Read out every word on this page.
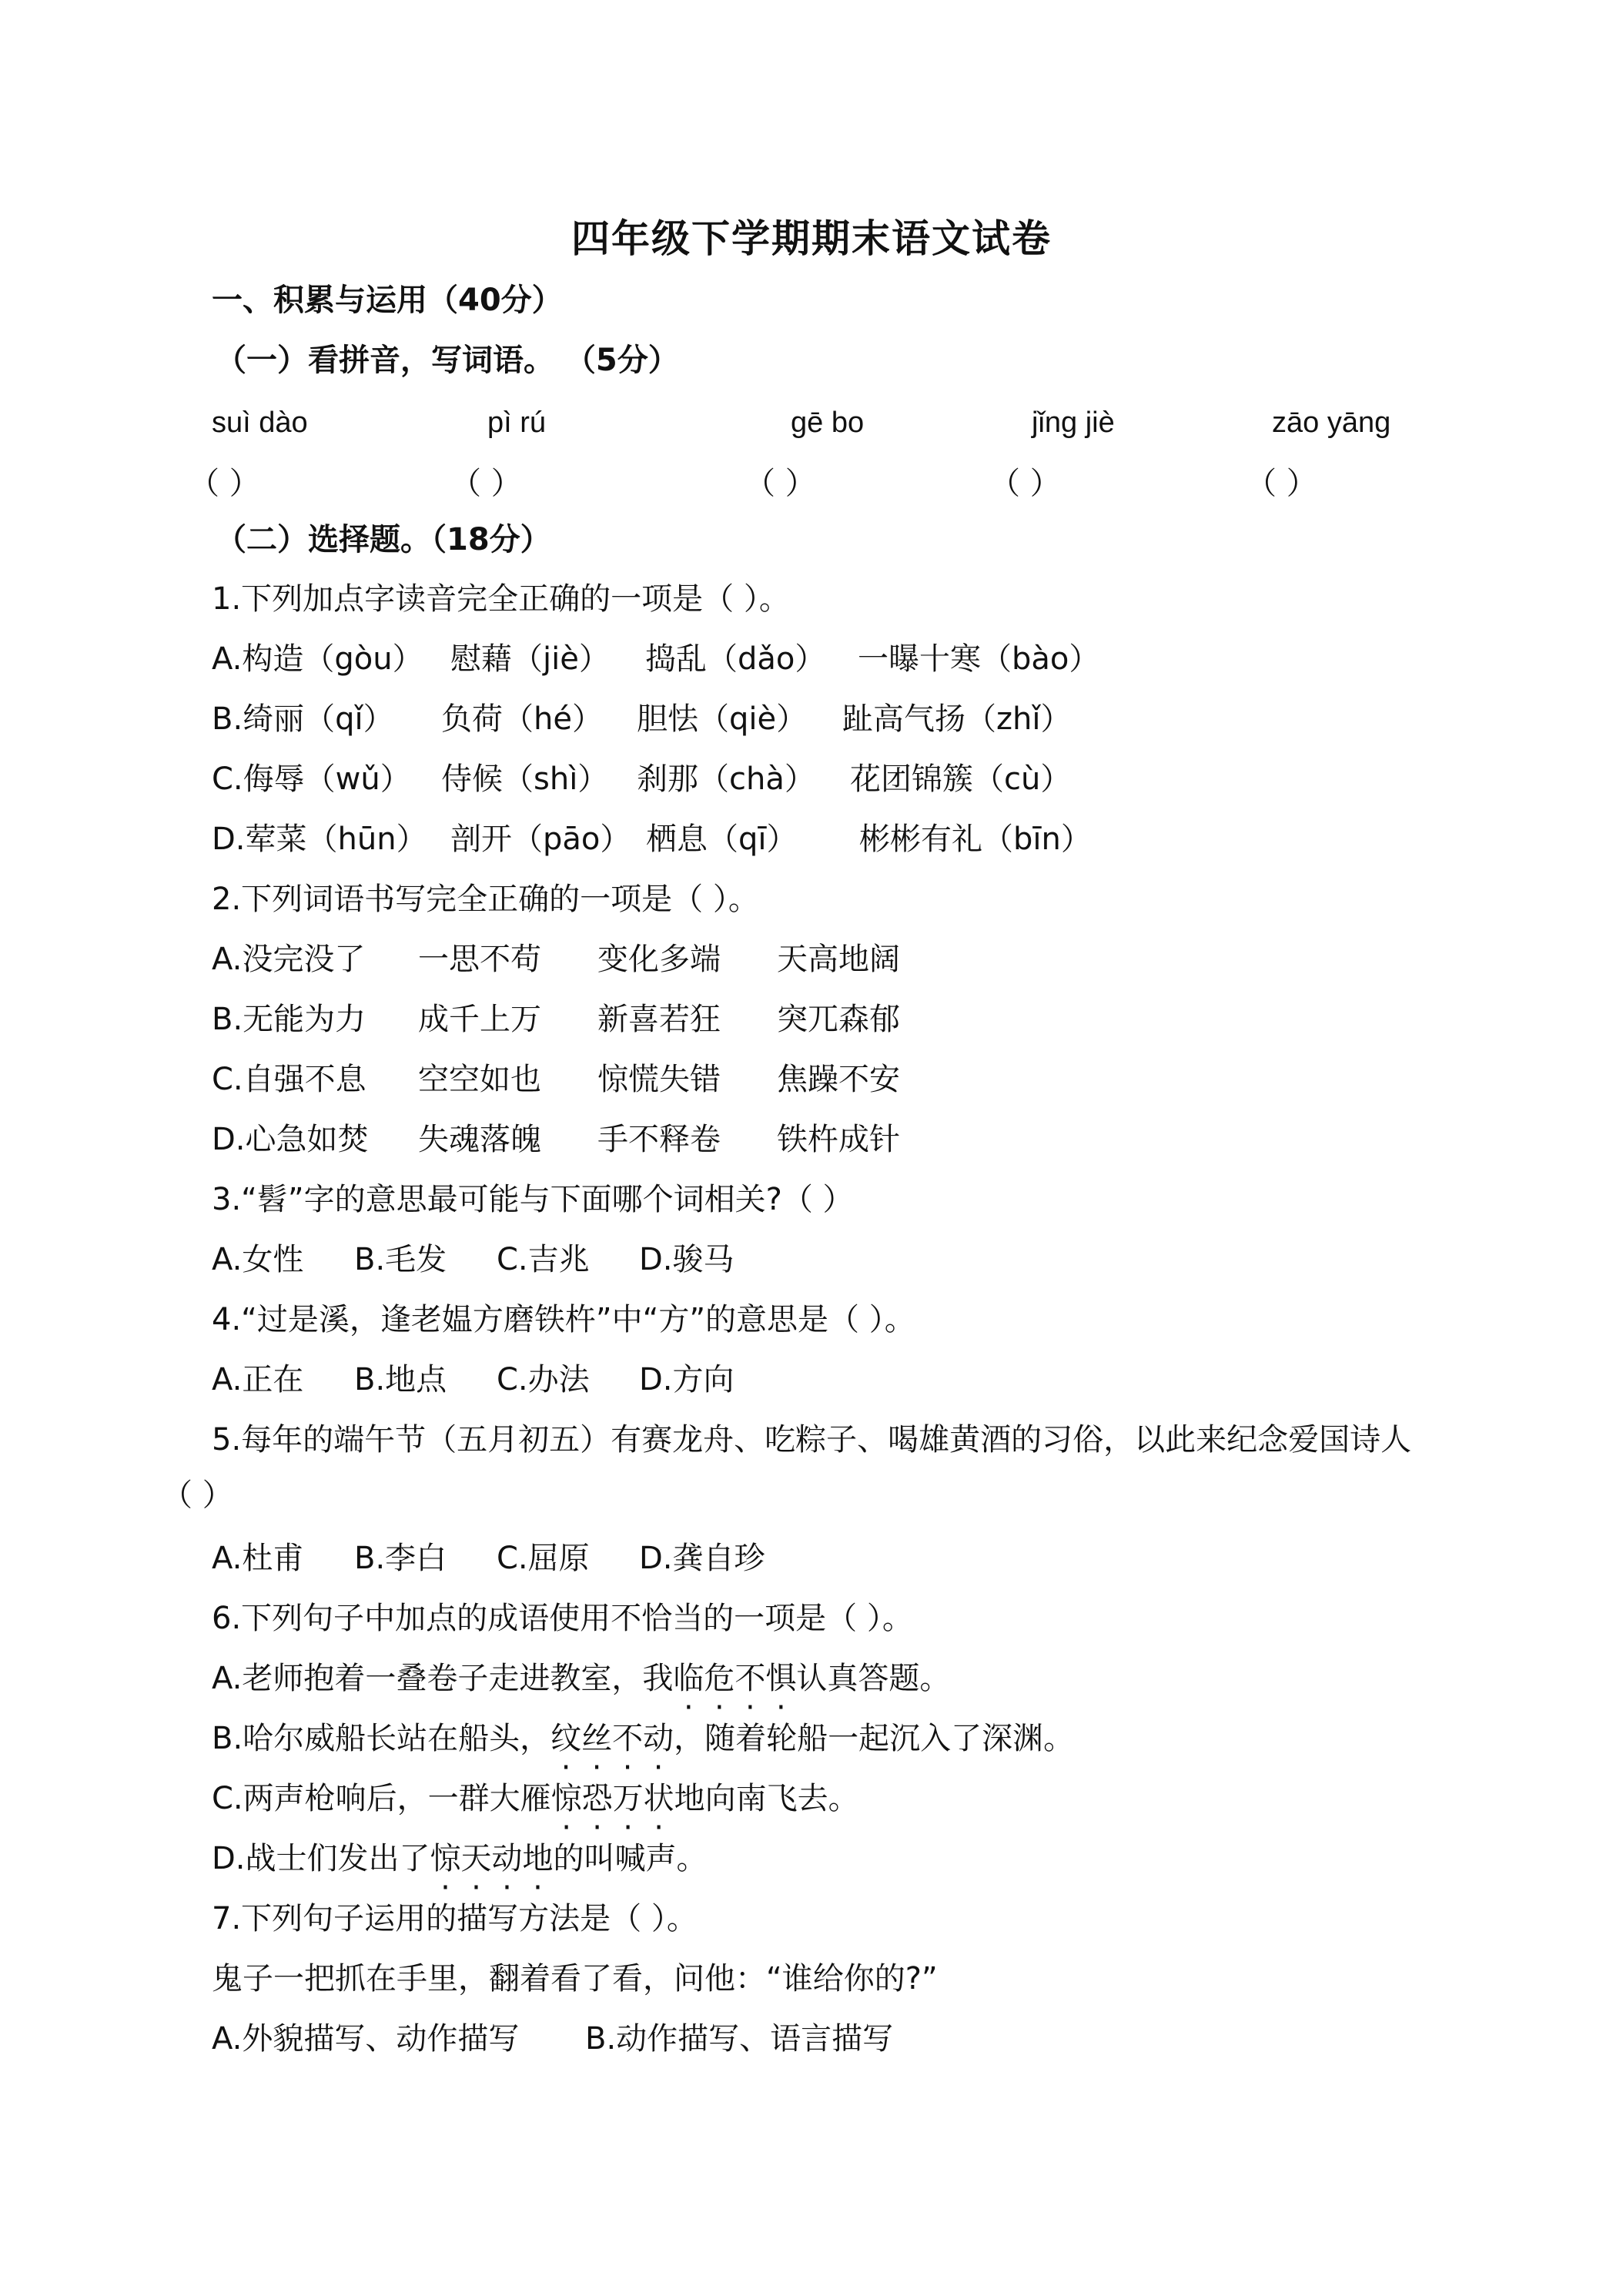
四年级下学期期末语文试卷
一、积累与运用（40分）
（一）看拼音，写词语。 （5分）
suì dào	pì rú	gē bo	jǐng jiè	zāo yāng
（ ）	（ ）	（ ）	（ ）	（ ）
（二）选择题。（18分）
1.下列加点字读音完全正确的一项是（ ）。
A.构造（gòu） 慰藉（jiè） 捣乱（dǎo） 一曝十寒（bào）
B.绮丽（qǐ） 负荷（hé） 胆怯（qiè） 趾高气扬（zhǐ）
C.侮辱（wǔ） 侍候（shì） 刹那（chà） 花团锦簇（cù）
D.荤菜（hūn） 剖开（pāo） 栖息（qī） 彬彬有礼（bīn）
2.下列词语书写完全正确的一项是（ ）。
A.没完没了 一思不苟 变化多端 天高地阔
B.无能为力 成千上万 新喜若狂 突兀森郁
C.自强不息 空空如也 惊慌失错 焦躁不安
D.心急如焚 失魂落魄 手不释卷 铁杵成针
3.“髫”字的意思最可能与下面哪个词相关?（ ）
A.女性 B.毛发 C.吉兆 D.骏马
4.“过是溪，逢老媪方磨铁杵”中“方”的意思是（ ）。
A.正在 B.地点 C.办法 D.方向
5.每年的端午节（五月初五）有赛龙舟、吃粽子、喝雄黄酒的习俗，以此来纪念爱国诗人
（ ）
A.杜甫 B.李白 C.屈原 D.龚自珍
6.下列句子中加点的成语使用不恰当的一项是（ ）。
A.老师抱着一叠卷子走进教室，我临危不惧认真答题。
B.哈尔威船长站在船头，纹丝不动，随着轮船一起沉入了深渊。
C.两声枪响后，一群大雁惊恐万状地向南飞去。
D.战士们发出了惊天动地的叫喊声。
7.下列句子运用的描写方法是（ ）。
鬼子一把抓在手里，翻着看了看，问他：“谁给你的?”
A.外貌描写、动作描写 B.动作描写、语言描写
